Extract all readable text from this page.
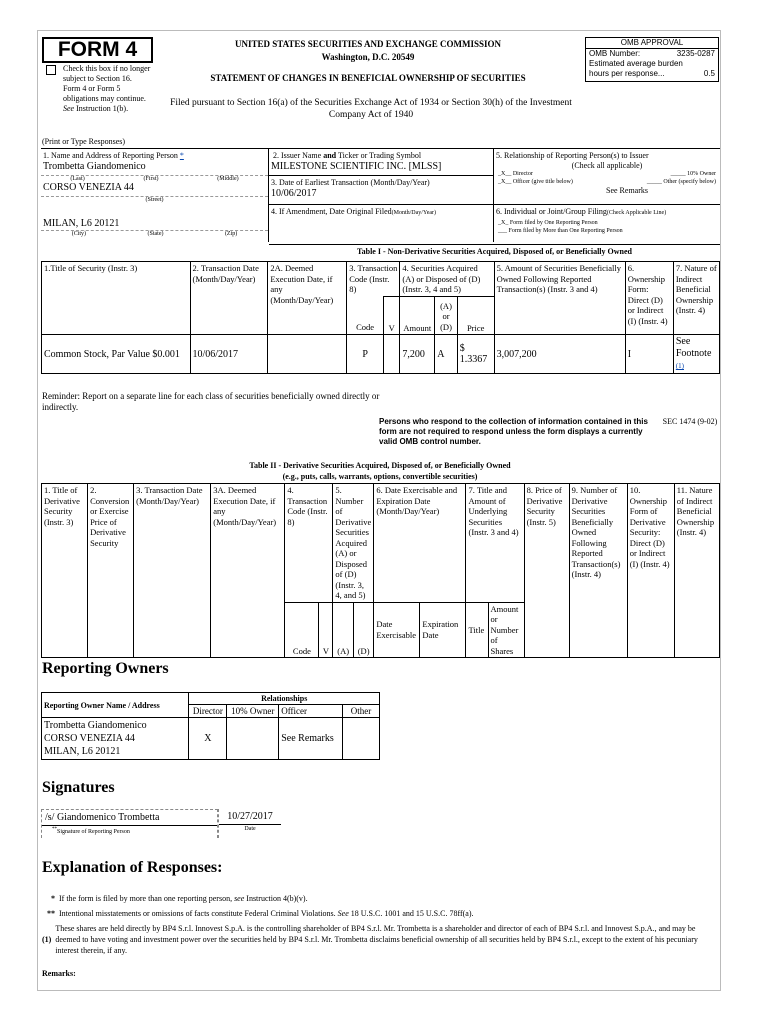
FORM 4
Check this box if no longer subject to Section 16. Form 4 or Form 5 obligations may continue. See Instruction 1(b).
UNITED STATES SECURITIES AND EXCHANGE COMMISSION
Washington, D.C. 20549
STATEMENT OF CHANGES IN BENEFICIAL OWNERSHIP OF SECURITIES
Filed pursuant to Section 16(a) of the Securities Exchange Act of 1934 or Section 30(h) of the Investment Company Act of 1940
OMB APPROVAL
OMB Number:	3235-0287
Estimated average burden
hours per response...	0.5
(Print or Type Responses)
1. Name and Address of Reporting Person *
Trombetta Giandomenico
(Last)	(First)	(Middle)
CORSO VENEZIA 44
(Street)
MILAN, L6 20121
(City)	(State)	(Zip)
2. Issuer Name and Ticker or Trading Symbol
MILESTONE SCIENTIFIC INC. [MLSS]
3. Date of Earliest Transaction (Month/Day/Year)
10/06/2017
4. If Amendment, Date Original Filed(Month/Day/Year)
5. Relationship of Reporting Person(s) to Issuer
(Check all applicable)
_X__ Director	_____ 10% Owner
_X__ Officer (give title below)	_____ Other (specify below)
See Remarks
6. Individual or Joint/Group Filing(Check Applicable Line)
_X_ Form filed by One Reporting Person
___ Form filed by More than One Reporting Person
Table I - Non-Derivative Securities Acquired, Disposed of, or Beneficially Owned
1.Title of Security (Instr. 3)	2. Transaction Date (Month/Day/Year)	2A. Deemed Execution Date, if any (Month/Day/Year)	3. Transaction Code (Instr. 8)		4. Securities Acquired (A) or Disposed of (D) (Instr. 3, 4 and 5)			5. Amount of Securities Beneficially Owned Following Reported Transaction(s) (Instr. 3 and 4)	6. Ownership Form: Direct (D) or Indirect (I) (Instr. 4)	7. Nature of Indirect Beneficial Ownership (Instr. 4)
			Code	V	Amount	(A) or (D)	Price			
Common Stock, Par Value $0.001	10/06/2017		P		7,200	A	$ 1.3367	3,007,200	I	See Footnote
(1)
Reminder: Report on a separate line for each class of securities beneficially owned directly or indirectly.
Persons who respond to the collection of information contained in this form are not required to respond unless the form displays a currently valid OMB control number.
SEC 1474 (9-02)
Table II - Derivative Securities Acquired, Disposed of, or Beneficially Owned
(e.g., puts, calls, warrants, options, convertible securities)
1. Title of Derivative Security (Instr. 3)	2. Conversion or Exercise Price of Derivative Security	3. Transaction Date (Month/Day/Year)	3A. Deemed Execution Date, if any (Month/Day/Year)	4. Transaction Code (Instr. 8)		5. Number of Derivative Securities Acquired (A) or Disposed of (D) (Instr. 3, 4, and 5)		6. Date Exercisable and Expiration Date (Month/Day/Year)		7. Title and Amount of Underlying Securities (Instr. 3 and 4)		8. Price of Derivative Security (Instr. 5)	9. Number of Derivative Securities Beneficially Owned Following Reported Transaction(s) (Instr. 4)	10. Ownership Form of Derivative Security: Direct (D) or Indirect (I) (Instr. 4)	11. Nature of Indirect Beneficial Ownership (Instr. 4)
				Code	V	(A)	(D)	Date Exercisable	Expiration Date	Title	Amount or Number of Shares				
Reporting Owners
Reporting Owner Name / Address	Relationships			
	Director	10% Owner	Officer	Other

Trombetta Giandomenico
CORSO VENEZIA 44
MILAN, L6 20121	X		See Remarks	
Signatures
/s/ Giandomenico Trombetta
**Signature of Reporting Person
10/27/2017
Date
Explanation of Responses:
* If the form is filed by more than one reporting person, see Instruction 4(b)(v).
** Intentional misstatements or omissions of facts constitute Federal Criminal Violations. See 18 U.S.C. 1001 and 15 U.S.C. 78ff(a).
(1)
These shares are held directly by BP4 S.r.l. Innovest S.p.A. is the controlling shareholder of BP4 S.r.l. Mr. Trombetta is a shareholder and director of each of BP4 S.r.l. and Innovest S.p.A., and may be deemed to have voting and investment power over the securities held by BP4 S.r.l. Mr. Trombetta disclaims beneficial ownership of all securities held by BP4 S.r.l., except to the extent of his pecuniary interest therein, if any.
Remarks:
